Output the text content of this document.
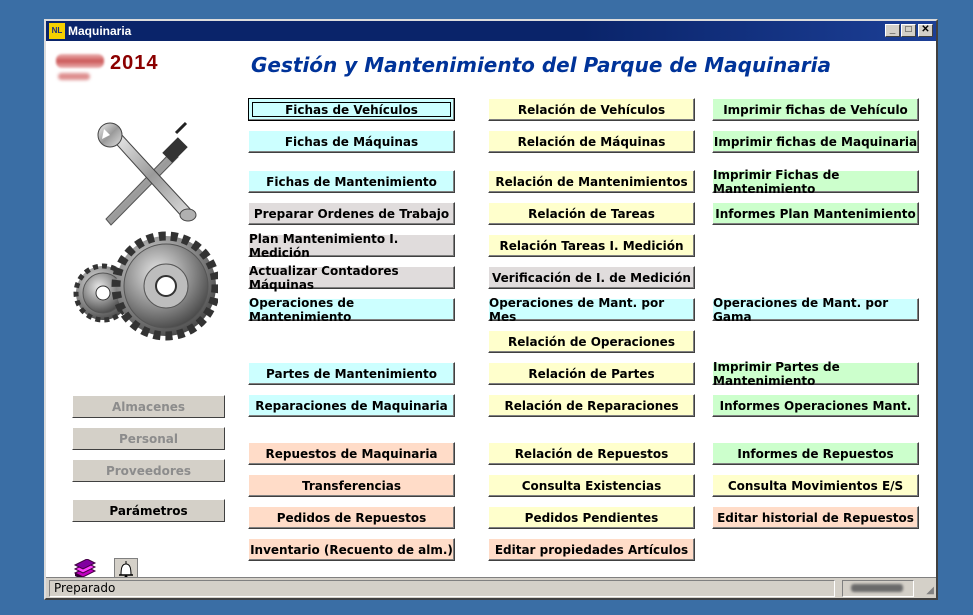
NL Maquinaria	_	□ ✕
2014	Gestión y Mantenimiento del Parque de Maquinaria
Fichas de Vehículos
Fichas de Máquinas
Fichas de Mantenimiento
Preparar Ordenes de Trabajo
Plan Mantenimiento I. Medición
Actualizar Contadores Máquinas
Operaciones de Mantenimiento
Partes de Mantenimiento
Reparaciones de Maquinaria
Repuestos de Maquinaria
Transferencias
Pedidos de Repuestos
Inventario (Recuento de alm.)
Relación de Vehículos
Relación de Máquinas
Relación de Mantenimientos
Relación de Tareas
Relación Tareas I. Medición
Verificación de I. de Medición
Operaciones de Mant. por Mes
Relación de Operaciones
Relación de Partes
Relación de Reparaciones
Relación de Repuestos
Consulta Existencias
Pedidos Pendientes
Editar propiedades Artículos
Imprimir fichas de Vehículo
Imprimir fichas de Maquinaria
Imprimir Fichas de Mantenimiento
Informes Plan Mantenimiento
Operaciones de Mant. por Gama
Imprimir Partes de Mantenimiento
Informes Operaciones Mant.
Informes de Repuestos
Consulta Movimientos E/S
Editar historial de Repuestos
Almacenes
Personal
Proveedores
Parámetros
Preparado	◢
